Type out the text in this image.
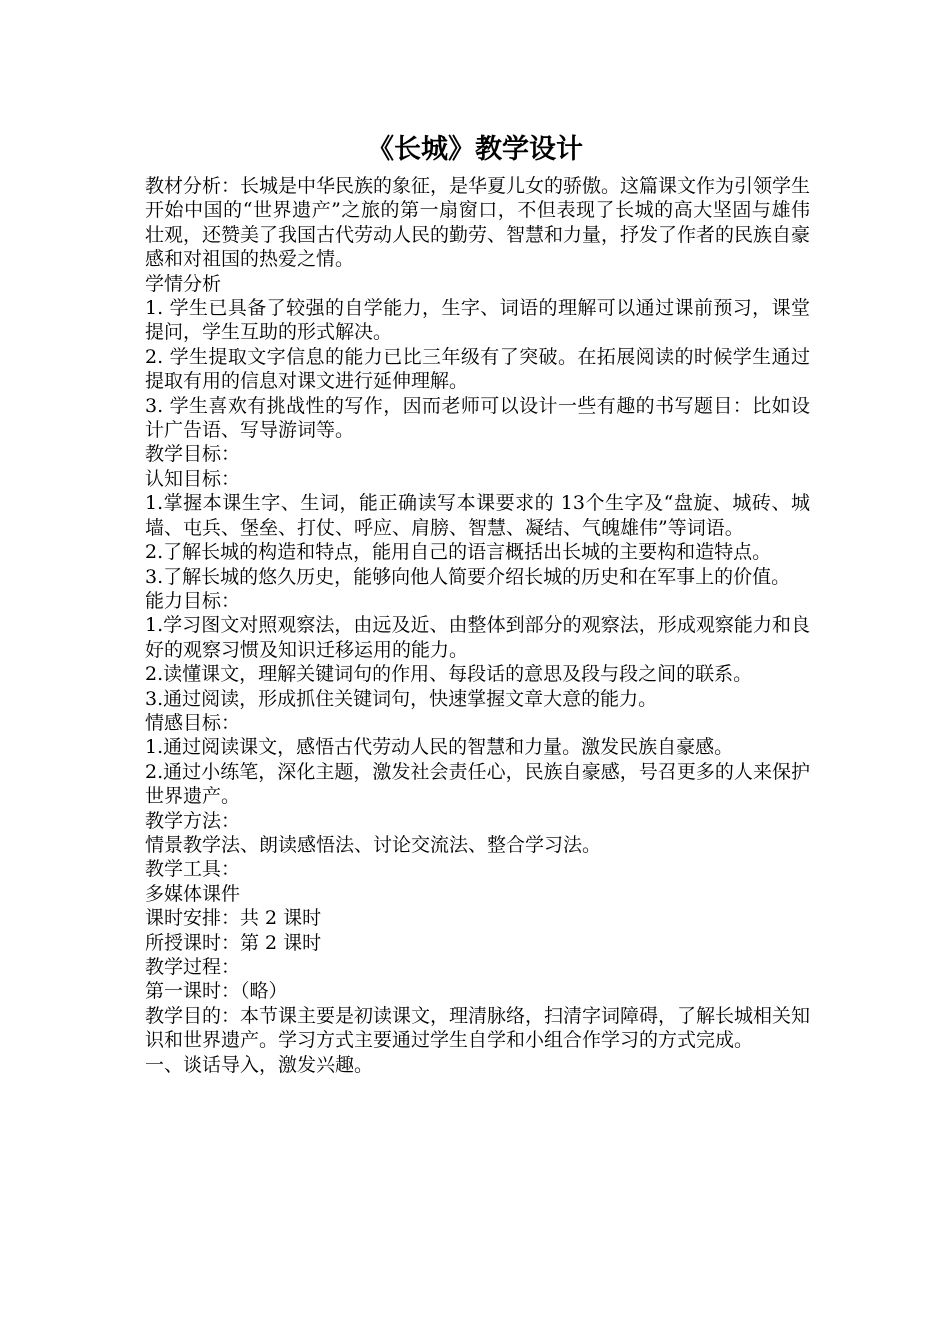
《长城》教学设计

教材分析：长城是中华民族的象征，是华夏儿女的骄傲。这篇课文作为引领学生开始中国的“世界遗产”之旅的第一扇窗口，不但表现了长城的高大坚固与雄伟壮观，还赞美了我国古代劳动人民的勤劳、智慧和力量，抒发了作者的民族自豪感和对祖国的热爱之情。

学情分析

1. 学生已具备了较强的自学能力，生字、词语的理解可以通过课前预习，课堂提问，学生互助的形式解决。

2. 学生提取文字信息的能力已比三年级有了突破。在拓展阅读的时候学生通过提取有用的信息对课文进行延伸理解。

3. 学生喜欢有挑战性的写作，因而老师可以设计一些有趣的书写题目：比如设计广告语、写导游词等。

教学目标：

认知目标：

1.掌握本课生字、生词，能正确读写本课要求的 13个生字及“盘旋、城砖、城墙、屯兵、堡垒、打仗、呼应、肩膀、智慧、凝结、气魄雄伟”等词语。

2.了解长城的构造和特点，能用自己的语言概括出长城的主要构和造特点。

3.了解长城的悠久历史，能够向他人简要介绍长城的历史和在军事上的价值。

能力目标：

1.学习图文对照观察法，由远及近、由整体到部分的观察法，形成观察能力和良好的观察习惯及知识迁移运用的能力。

2.读懂课文，理解关键词句的作用、每段话的意思及段与段之间的联系。

3.通过阅读，形成抓住关键词句，快速掌握文章大意的能力。

情感目标：

1.通过阅读课文，感悟古代劳动人民的智慧和力量。激发民族自豪感。

2.通过小练笔，深化主题，激发社会责任心，民族自豪感，号召更多的人来保护世界遗产。

教学方法：

情景教学法、朗读感悟法、讨论交流法、整合学习法。

教学工具：

多媒体课件

课时安排：共 2 课时

所授课时：第 2 课时

教学过程：

第一课时：（略）

教学目的：本节课主要是初读课文，理清脉络，扫清字词障碍，了解长城相关知识和世界遗产。学习方式主要通过学生自学和小组合作学习的方式完成。

一、谈话导入，激发兴趣。
